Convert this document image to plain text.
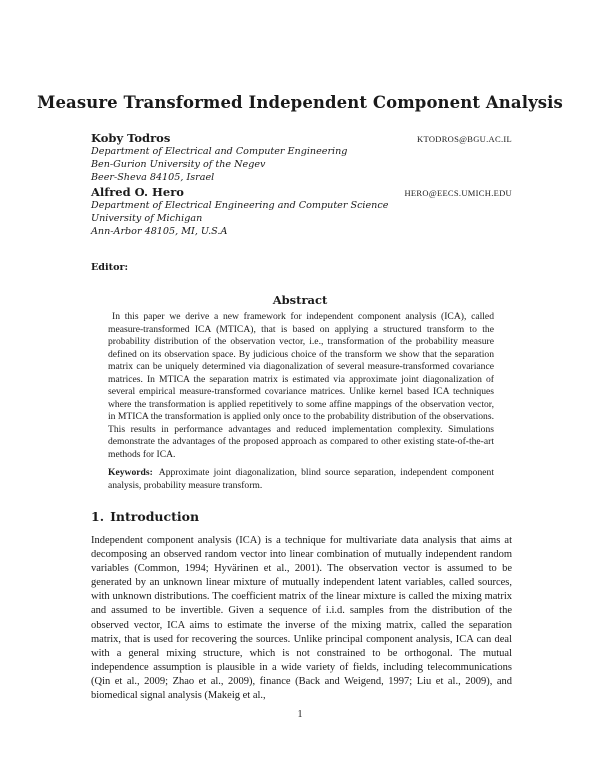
Measure Transformed Independent Component Analysis
Koby Todros	KTODROS@BGU.AC.IL
Department of Electrical and Computer Engineering
Ben-Gurion University of the Negev
Beer-Sheva 84105, Israel
Alfred O. Hero	HERO@EECS.UMICH.EDU
Department of Electrical Engineering and Computer Science
University of Michigan
Ann-Arbor 48105, MI, U.S.A
Editor:
Abstract
In this paper we derive a new framework for independent component analysis (ICA), called measure-transformed ICA (MTICA), that is based on applying a structured transform to the probability distribution of the observation vector, i.e., transformation of the probability measure defined on its observation space. By judicious choice of the transform we show that the separation matrix can be uniquely determined via diagonalization of several measure-transformed covariance matrices. In MTICA the separation matrix is estimated via approximate joint diagonalization of several empirical measure-transformed covariance matrices. Unlike kernel based ICA techniques where the transformation is applied repetitively to some affine mappings of the observation vector, in MTICA the transformation is applied only once to the probability distribution of the observations. This results in performance advantages and reduced implementation complexity. Simulations demonstrate the advantages of the proposed approach as compared to other existing state-of-the-art methods for ICA.
Keywords: Approximate joint diagonalization, blind source separation, independent component analysis, probability measure transform.
1. Introduction
Independent component analysis (ICA) is a technique for multivariate data analysis that aims at decomposing an observed random vector into linear combination of mutually independent random variables (Common, 1994; Hyvärinen et al., 2001). The observation vector is assumed to be generated by an unknown linear mixture of mutually independent latent variables, called sources, with unknown distributions. The coefficient matrix of the linear mixture is called the mixing matrix and assumed to be invertible. Given a sequence of i.i.d. samples from the distribution of the observed vector, ICA aims to estimate the inverse of the mixing matrix, called the separation matrix, that is used for recovering the sources. Unlike principal component analysis, ICA can deal with a general mixing structure, which is not constrained to be orthogonal. The mutual independence assumption is plausible in a wide variety of fields, including telecommunications (Qin et al., 2009; Zhao et al., 2009), finance (Back and Weigend, 1997; Liu et al., 2009), and biomedical signal analysis (Makeig et al.,
1
